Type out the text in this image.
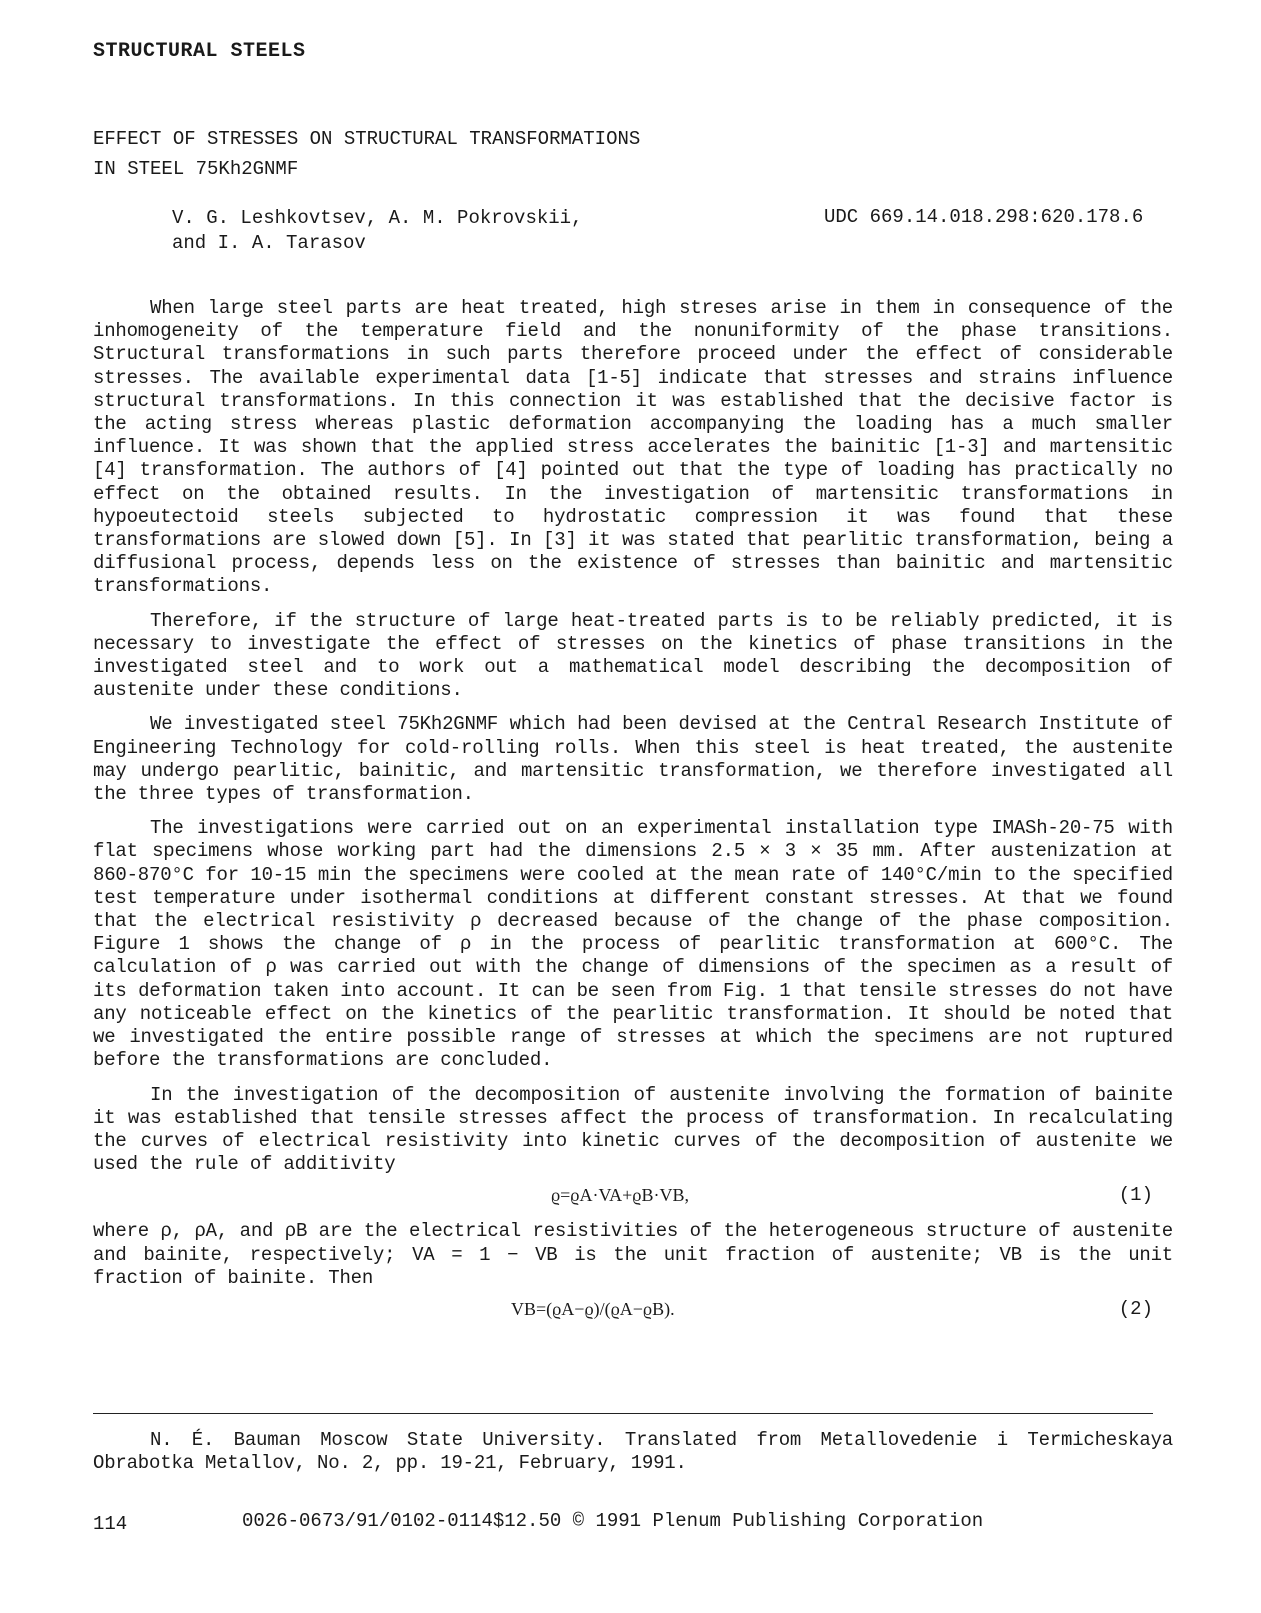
STRUCTURAL STEELS
EFFECT OF STRESSES ON STRUCTURAL TRANSFORMATIONS
IN STEEL 75Kh2GNMF
V. G. Leshkovtsev, A. M. Pokrovskii,
and I. A. Tarasov
UDC 669.14.018.298:620.178.6

When large steel parts are heat treated, high streses arise in them in consequence of the inhomogeneity of the temperature field and the nonuniformity of the phase transitions. Structural transformations in such parts therefore proceed under the effect of considerable stresses. The available experimental data [1-5] indicate that stresses and strains influence structural transformations. In this connection it was established that the decisive factor is the acting stress whereas plastic deformation accompanying the loading has a much smaller influence. It was shown that the applied stress accelerates the bainitic [1-3] and martensitic [4] transformation. The authors of [4] pointed out that the type of loading has practically no effect on the obtained results. In the investigation of martensitic transformations in hypoeutectoid steels subjected to hydrostatic compression it was found that these transformations are slowed down [5]. In [3] it was stated that pearlitic transformation, being a diffusional process, depends less on the existence of stresses than bainitic and martensitic transformations.

Therefore, if the structure of large heat-treated parts is to be reliably predicted, it is necessary to investigate the effect of stresses on the kinetics of phase transitions in the investigated steel and to work out a mathematical model describing the decomposition of austenite under these conditions.

We investigated steel 75Kh2GNMF which had been devised at the Central Research Institute of Engineering Technology for cold-rolling rolls. When this steel is heat treated, the austenite may undergo pearlitic, bainitic, and martensitic transformation, we therefore investigated all the three types of transformation.

The investigations were carried out on an experimental installation type IMASh-20-75 with flat specimens whose working part had the dimensions 2.5 × 3 × 35 mm. After austenization at 860-870°C for 10-15 min the specimens were cooled at the mean rate of 140°C/min to the specified test temperature under isothermal conditions at different constant stresses. At that we found that the electrical resistivity ρ decreased because of the change of the phase composition. Figure 1 shows the change of ρ in the process of pearlitic transformation at 600°C. The calculation of ρ was carried out with the change of dimensions of the specimen as a result of its deformation taken into account. It can be seen from Fig. 1 that tensile stresses do not have any noticeable effect on the kinetics of the pearlitic transformation. It should be noted that we investigated the entire possible range of stresses at which the specimens are not ruptured before the transformations are concluded.

In the investigation of the decomposition of austenite involving the formation of bainite it was established that tensile stresses affect the process of transformation. In recalculating the curves of electrical resistivity into kinetic curves of the decomposition of austenite we used the rule of additivity

ϱ=ϱA·VA+ϱB·VB,	(1)

where ρ, ρA, and ρB are the electrical resistivities of the heterogeneous structure of austenite and bainite, respectively; VA = 1 − VB is the unit fraction of austenite; VB is the unit fraction of bainite. Then

VB=(ϱA−ϱ)/(ϱA−ϱB).	(2)

N. É. Bauman Moscow State University. Translated from Metallovedenie i Termicheskaya Obrabotka Metallov, No. 2, pp. 19-21, February, 1991.

114	0026-0673/91/0102-0114$12.50 © 1991 Plenum Publishing Corporation
